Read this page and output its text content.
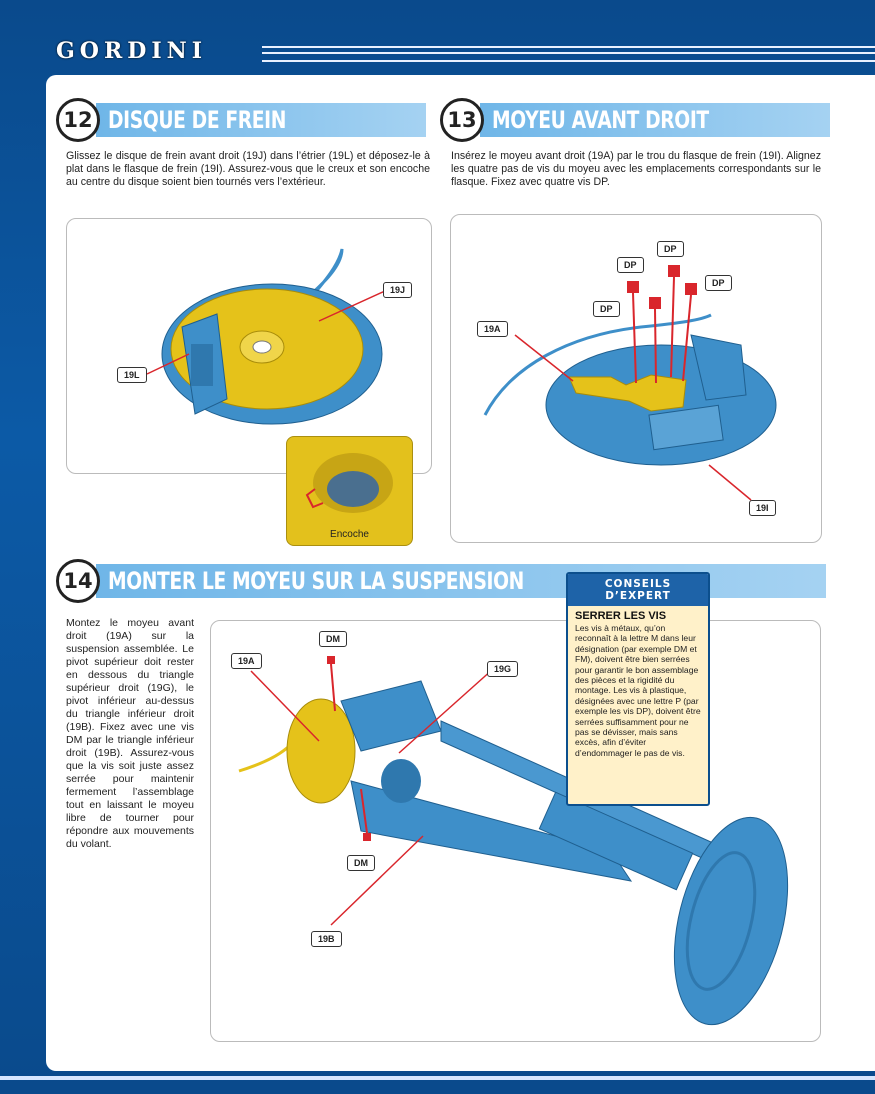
GORDINI
12 DISQUE DE FREIN
Glissez le disque de frein avant droit (19J) dans l’étrier (19L) et déposez-le à plat dans le flasque de frein (19I). Assurez-vous que le creux et son encoche au centre du disque soient bien tournés vers l’extérieur.
19J
19L
Encoche
13 MOYEU AVANT DROIT
Insérez le moyeu avant droit (19A) par le trou du flasque de frein (19I). Alignez les quatre pas de vis du moyeu avec les emplacements correspondants sur le flasque. Fixez avec quatre vis DP.
DP
DP
DP
DP
19A
19I
14 MONTER LE MOYEU SUR LA SUSPENSION
Montez le moyeu avant droit (19A) sur la suspension assemblée. Le pivot supérieur doit rester en dessous du triangle supérieur droit (19G), le pivot inférieur au-dessus du triangle inférieur droit (19B). Fixez avec une vis DM par le triangle inférieur droit (19B). Assurez-vous que la vis soit juste assez serrée pour maintenir fermement l’assemblage tout en laissant le moyeu libre de tourner pour répondre aux mouvements du volant.
DM
19A
19G
DM
19B
CONSEILS D’EXPERT
SERRER LES VIS
Les vis à métaux, qu’on reconnaît à la lettre M dans leur désignation (par exemple DM et FM), doivent être bien serrées pour garantir le bon assemblage des pièces et la rigidité du montage. Les vis à plastique, désignées avec une lettre P (par exemple les vis DP), doivent être serrées suffisamment pour ne pas se dévisser, mais sans excès, afin d’éviter d’endommager le pas de vis.
